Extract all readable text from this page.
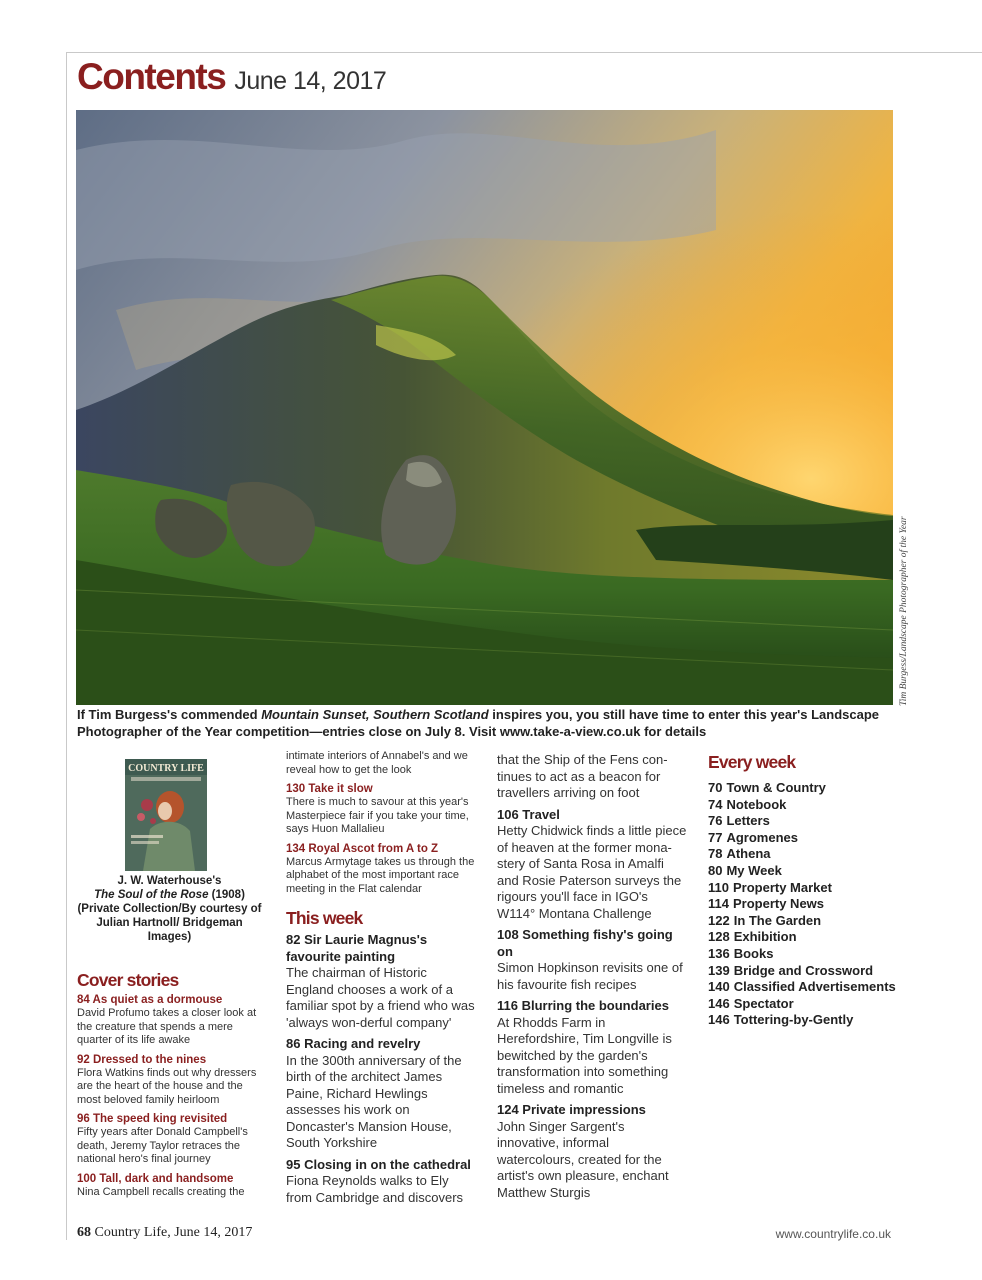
Contents June 14, 2017
Tim Burgess/Landscape Photographer of the Year
If Tim Burgess's commended Mountain Sunset, Southern Scotland inspires you, you still have time to enter this year's Landscape Photographer of the Year competition—entries close on July 8. Visit www.take-a-view.co.uk for details
COUNTRY LIFE
J. W. Waterhouse's
The Soul of the Rose (1908)
(Private Collection/By courtesy of Julian Hartnoll/ Bridgeman Images)
Cover stories
84 As quiet as a dormouse
David Profumo takes a closer look at the creature that spends a mere quarter of its life awake
92 Dressed to the nines
Flora Watkins finds out why dressers are the heart of the house and the most beloved family heirloom
96 The speed king revisited
Fifty years after Donald Campbell's death, Jeremy Taylor retraces the national hero's final journey
100 Tall, dark and handsome
Nina Campbell recalls creating the
intimate interiors of Annabel's and we reveal how to get the look
130 Take it slow
There is much to savour at this year's Masterpiece fair if you take your time, says Huon Mallalieu
134 Royal Ascot from A to Z
Marcus Armytage takes us through the alphabet of the most important race meeting in the Flat calendar
This week
82 Sir Laurie Magnus's favourite painting
The chairman of Historic England chooses a work of a familiar spot by a friend who was 'always won-derful company'
86 Racing and revelry
In the 300th anniversary of the birth of the architect James Paine, Richard Hewlings assesses his work on Doncaster's Mansion House, South Yorkshire
95 Closing in on the cathedral
Fiona Reynolds walks to Ely from Cambridge and discovers
that the Ship of the Fens con-tinues to act as a beacon for travellers arriving on foot
106 Travel
Hetty Chidwick finds a little piece of heaven at the former mona-stery of Santa Rosa in Amalfi and Rosie Paterson surveys the rigours you'll face in IGO's W114° Montana Challenge
108 Something fishy's going on
Simon Hopkinson revisits one of his favourite fish recipes
116 Blurring the boundaries
At Rhodds Farm in Herefordshire, Tim Longville is bewitched by the garden's transformation into something timeless and romantic
124 Private impressions
John Singer Sargent's innovative, informal watercolours, created for the artist's own pleasure, enchant Matthew Sturgis
Every week
70 Town & Country
74 Notebook
76 Letters
77 Agromenes
78 Athena
80 My Week
110 Property Market
114 Property News
122 In The Garden
128 Exhibition
136 Books
139 Bridge and Crossword
140 Classified Advertisements
146 Spectator
146 Tottering-by-Gently
68 Country Life, June 14, 2017	www.countrylife.co.uk
